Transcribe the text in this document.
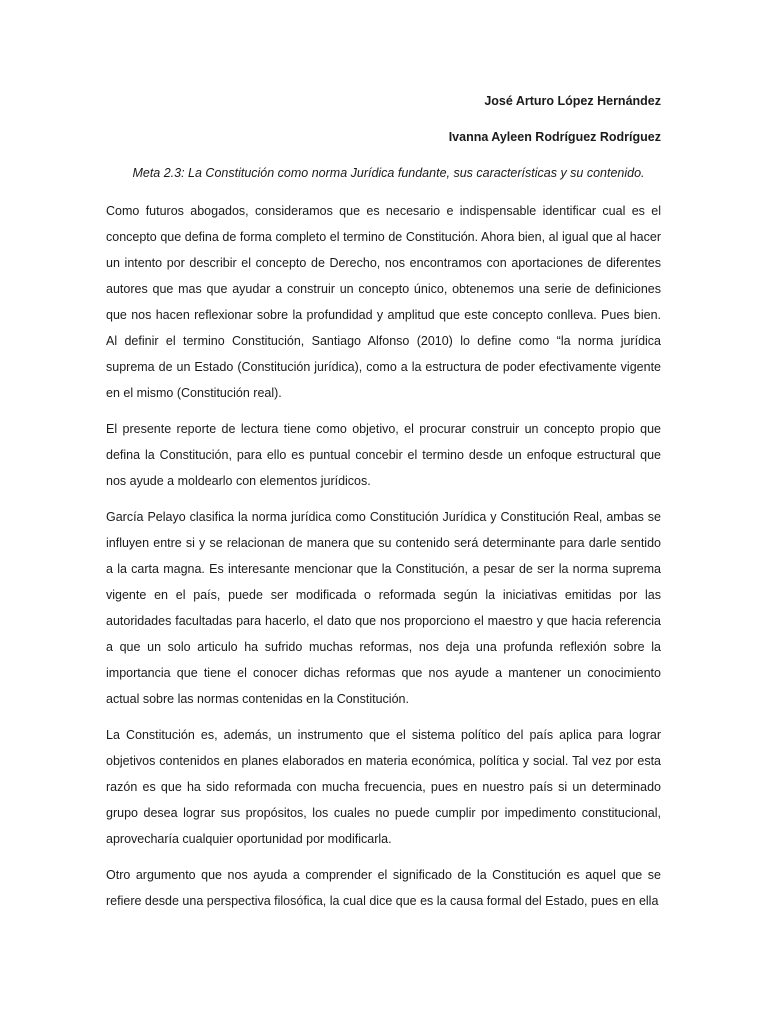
José Arturo López Hernández

Ivanna Ayleen Rodríguez Rodríguez

Meta 2.3: La Constitución como norma Jurídica fundante, sus características y su contenido.

Como futuros abogados, consideramos que es necesario e indispensable identificar cual es el concepto que defina de forma completo el termino de Constitución. Ahora bien, al igual que al hacer un intento por describir el concepto de Derecho, nos encontramos con aportaciones de diferentes autores que mas que ayudar a construir un concepto único, obtenemos una serie de definiciones que nos hacen reflexionar sobre la profundidad y amplitud que este concepto conlleva. Pues bien. Al definir el termino Constitución, Santiago Alfonso (2010) lo define como “la norma jurídica suprema de un Estado (Constitución jurídica), como a la estructura de poder efectivamente vigente en el mismo (Constitución real).

El presente reporte de lectura tiene como objetivo, el procurar construir un concepto propio que defina la Constitución, para ello es puntual concebir el termino desde un enfoque estructural que nos ayude a moldearlo con elementos jurídicos.

García Pelayo clasifica la norma jurídica como Constitución Jurídica y Constitución Real, ambas se influyen entre si y se relacionan de manera que su contenido será determinante para darle sentido a la carta magna. Es interesante mencionar que la Constitución, a pesar de ser la norma suprema vigente en el país, puede ser modificada o reformada según la iniciativas emitidas por las autoridades facultadas para hacerlo, el dato que nos proporciono el maestro y que hacia referencia a que un solo articulo ha sufrido muchas reformas, nos deja una profunda reflexión sobre la importancia que tiene el conocer dichas reformas que nos ayude a mantener un conocimiento actual sobre las normas contenidas en la Constitución.

La Constitución es, además, un instrumento que el sistema político del país aplica para lograr objetivos contenidos en planes elaborados en materia económica, política y social. Tal vez por esta razón es que ha sido reformada con mucha frecuencia, pues en nuestro país si un determinado grupo desea lograr sus propósitos, los cuales no puede cumplir por impedimento constitucional, aprovecharía cualquier oportunidad por modificarla.

Otro argumento que nos ayuda a comprender el significado de la Constitución es aquel que se refiere desde una perspectiva filosófica, la cual dice que es la causa formal del Estado, pues en ella
